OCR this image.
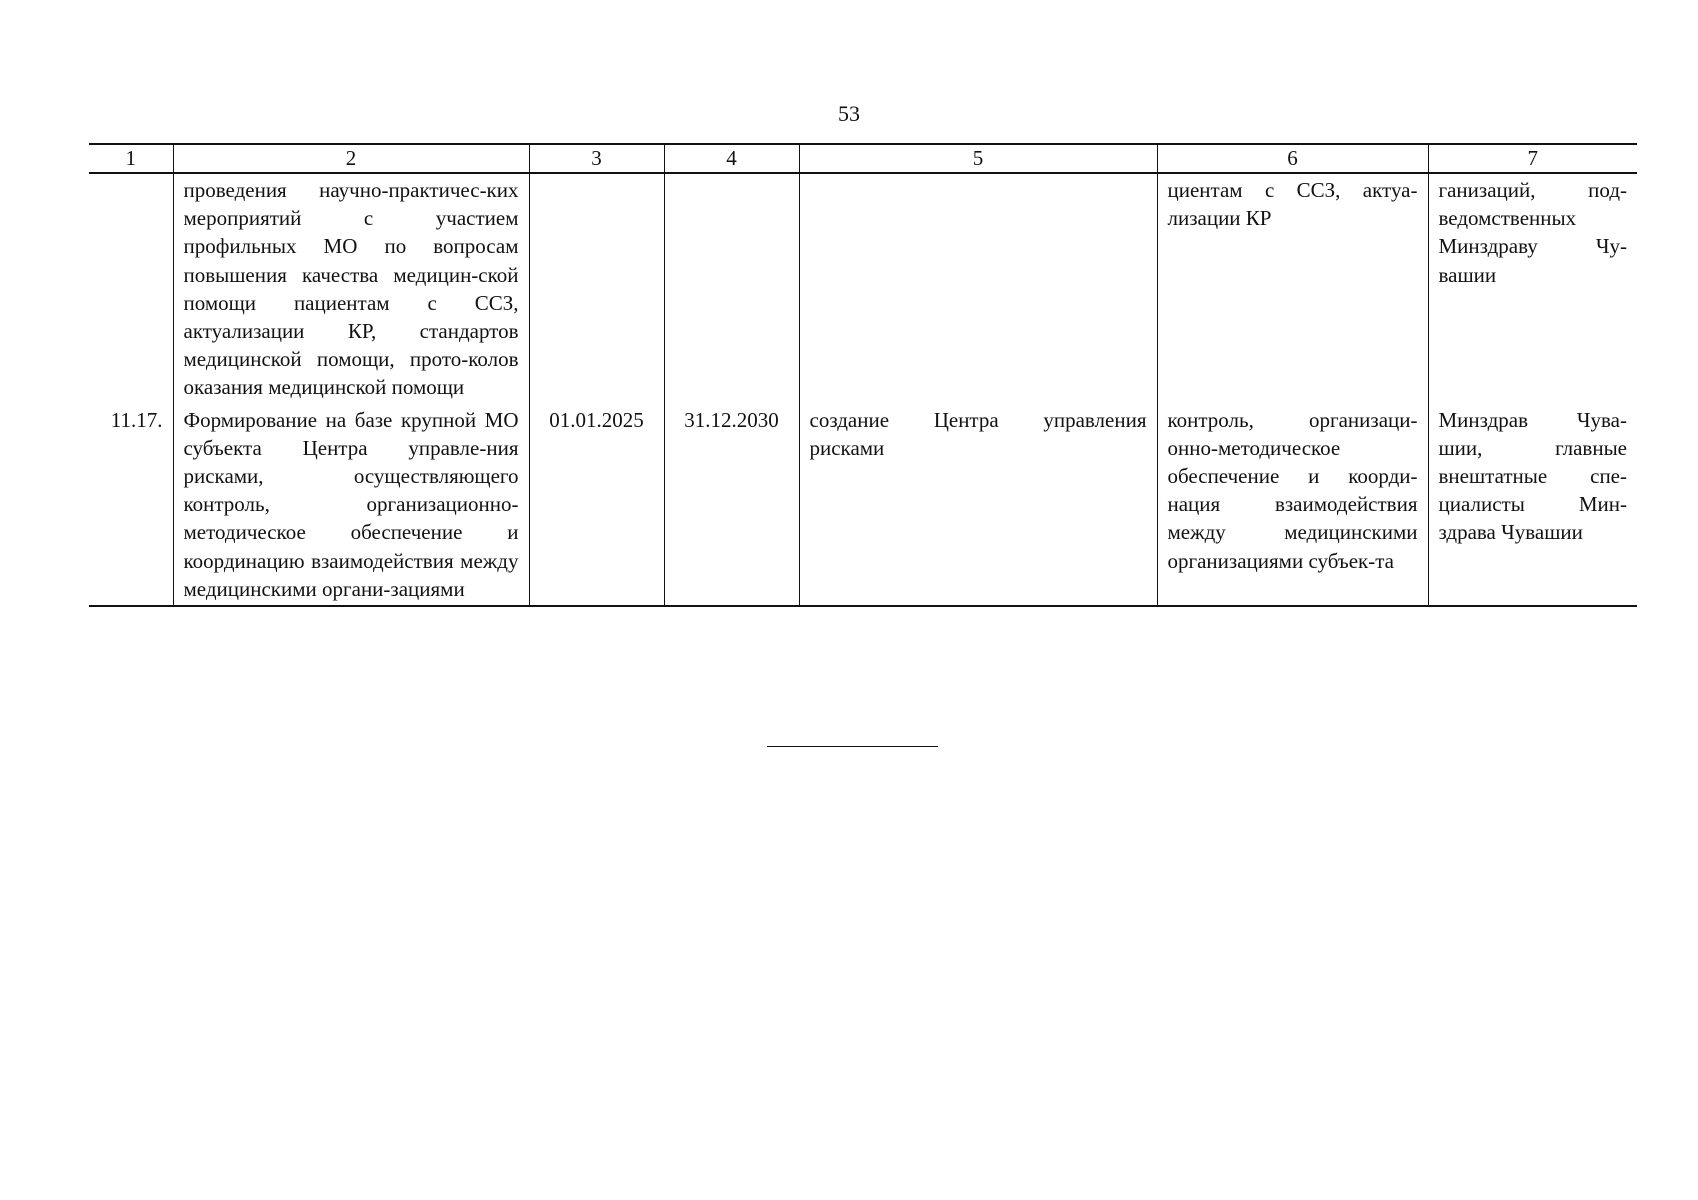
53
1	2	3	4	5	6	7
	проведения научно-практичес-ких мероприятий с участием профильных МО по вопросам повышения качества медицин-ской помощи пациентам с ССЗ, актуализации КР, стандартов медицинской помощи, прото-колов оказания медицинской помощи				циентам с ССЗ, актуа-лизации КР	ганизаций, под-ведомственных Минздраву Чу-вашии
11.17.	Формирование на базе крупной МО субъекта Центра управле-ния рисками, осуществляющего контроль, организационно-методическое обеспечение и координацию взаимодействия между медицинскими органи-зациями	01.01.2025	31.12.2030	создание Центра управления рисками	контроль, организаци-онно-методическое обеспечение и коорди-нация взаимодействия между медицинскими организациями субъек-та	Минздрав Чува-шии, главные внештатные спе-циалисты Мин-здрава Чувашии
